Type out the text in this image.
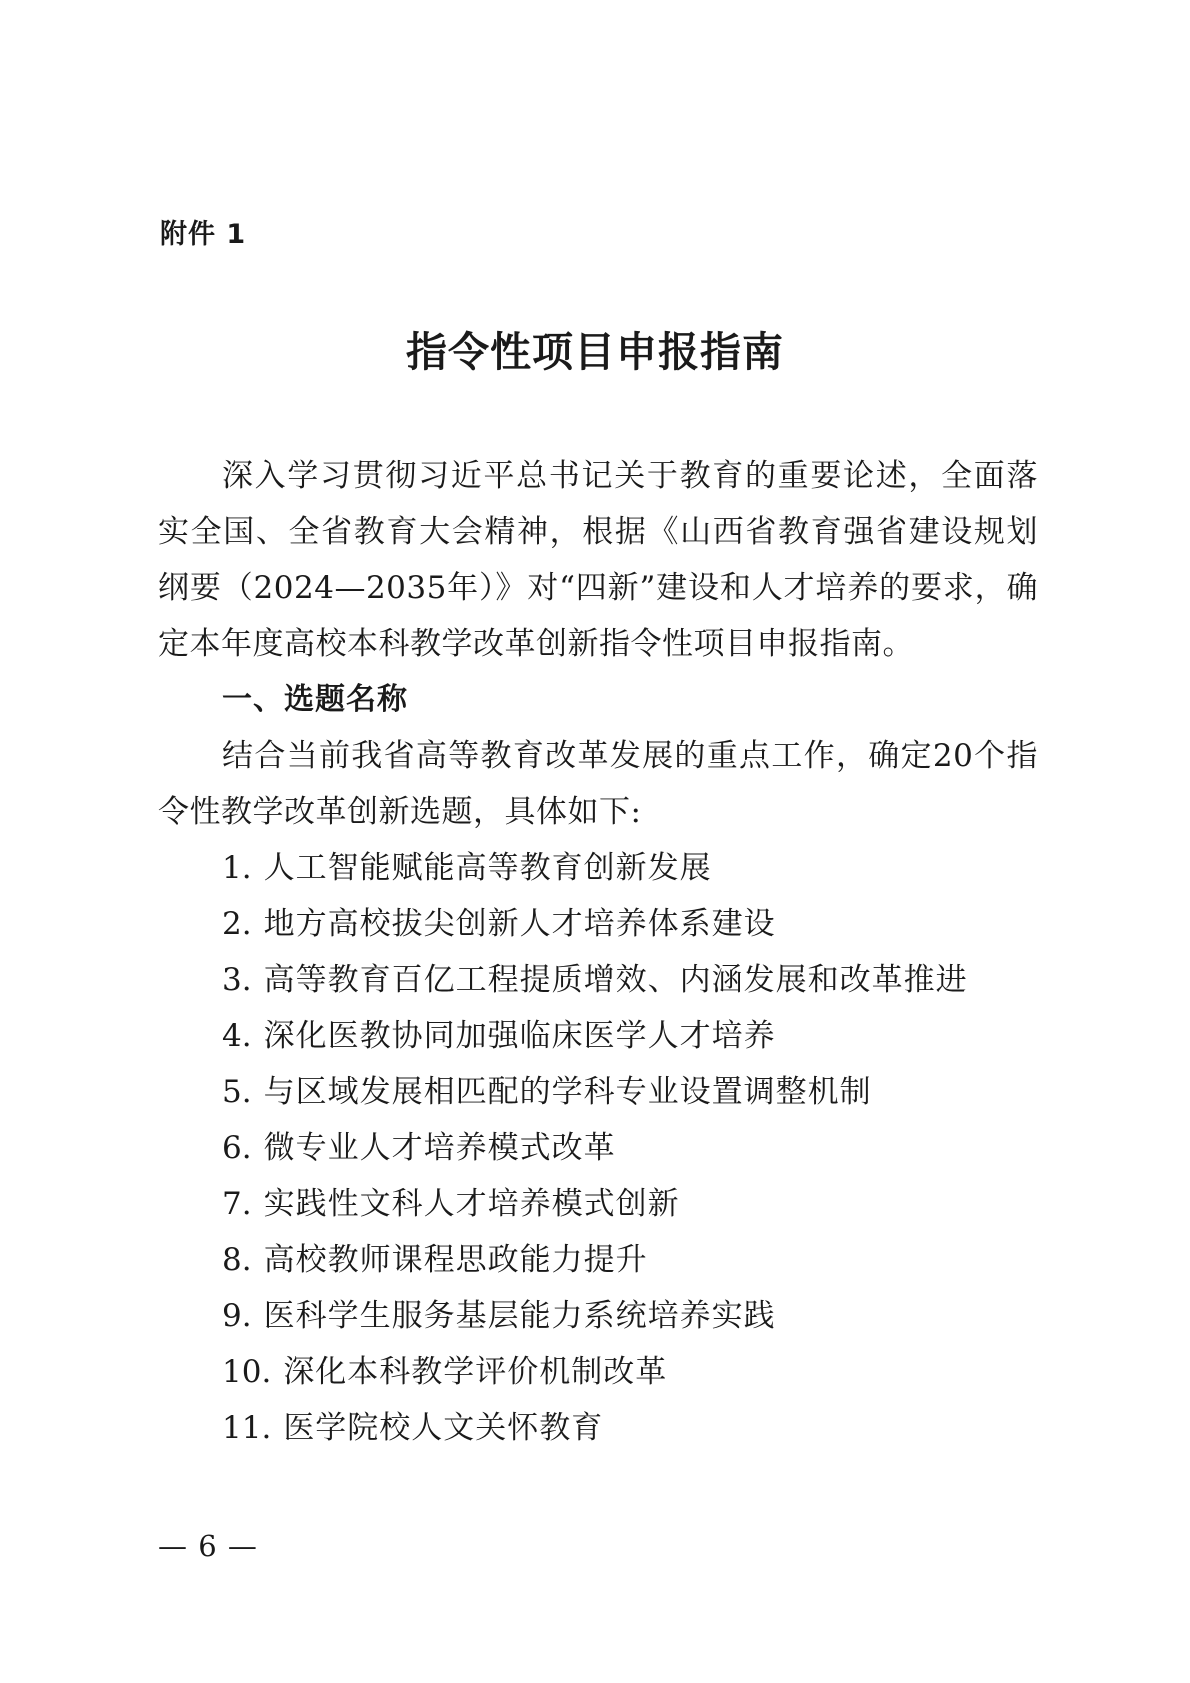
附件 1
指令性项目申报指南

深入学习贯彻习近平总书记关于教育的重要论述，全面落实全国、全省教育大会精神，根据《山西省教育强省建设规划纲要（2024—2035年）》对“四新”建设和人才培养的要求，确定本年度高校本科教学改革创新指令性项目申报指南。

一、选题名称

结合当前我省高等教育改革发展的重点工作，确定20个指令性教学改革创新选题，具体如下:

1. 人工智能赋能高等教育创新发展
2. 地方高校拔尖创新人才培养体系建设
3. 高等教育百亿工程提质增效、内涵发展和改革推进
4. 深化医教协同加强临床医学人才培养
5. 与区域发展相匹配的学科专业设置调整机制
6. 微专业人才培养模式改革
7. 实践性文科人才培养模式创新
8. 高校教师课程思政能力提升
9. 医科学生服务基层能力系统培养实践
10. 深化本科教学评价机制改革
11. 医学院校人文关怀教育
— 6 —
